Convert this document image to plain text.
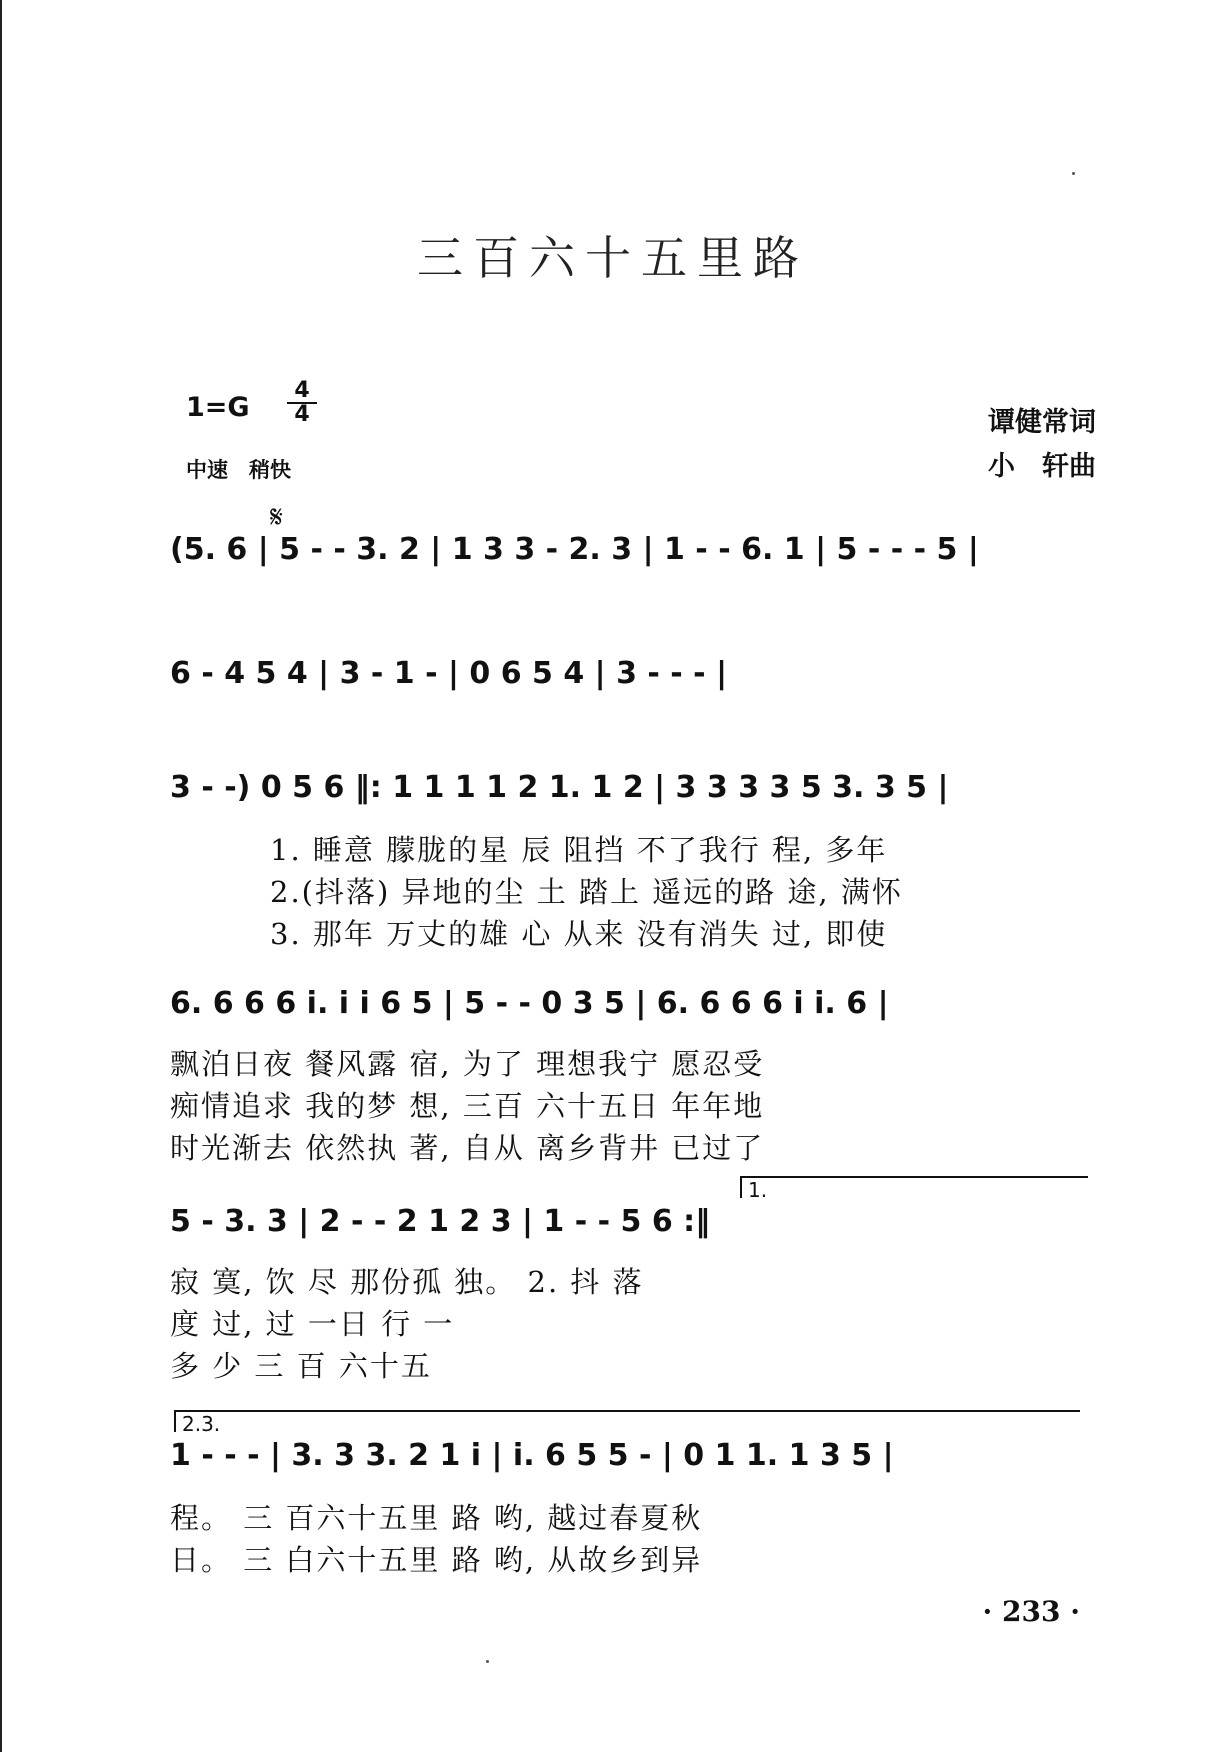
三百六十五里路
1=G
4
4
中速　稍快
谭健常词
小　轩曲
𝄋
(5. 6 | 5 - - 3. 2 | 1 3 3 - 2. 3 | 1 - - 6. 1 | 5 - - - 5 |
6 - 4 5 4 | 3 - 1 - | 0 6 5 4 | 3 - - - |
3 - -) 0 5 6 ‖: 1 1 1 1 2 1. 1 2 | 3 3 3 3 5 3. 3 5 |
1. 睡意 朦胧的星 辰 阻挡 不了我行 程, 多年
2.(抖落) 异地的尘 土 踏上 遥远的路 途, 满怀
3. 那年 万丈的雄 心 从来 没有消失 过, 即使
6. 6 6 6 i. i i 6 5 | 5 - - 0 3 5 | 6. 6 6 6 i i. 6 |
飘泊日夜 餐风露 宿, 为了 理想我宁 愿忍受
痴情追求 我的梦 想, 三百 六十五日 年年地
时光渐去 依然执 著, 自从 离乡背井 已过了
1.
5 - 3. 3 | 2 - - 2 1 2 3 | 1 - - 5 6 :‖
寂 寞, 饮 尽 那份孤 独。 2. 抖 落
度 过, 过 一日 行 一
多 少 三 百 六十五
2.3.
1 - - - | 3. 3 3. 2 1 i | i. 6 5 5 - | 0 1 1. 1 3 5 |
程。 三 百六十五里 路 哟, 越过春夏秋
日。 三 白六十五里 路 哟, 从故乡到异
· 233 ·
